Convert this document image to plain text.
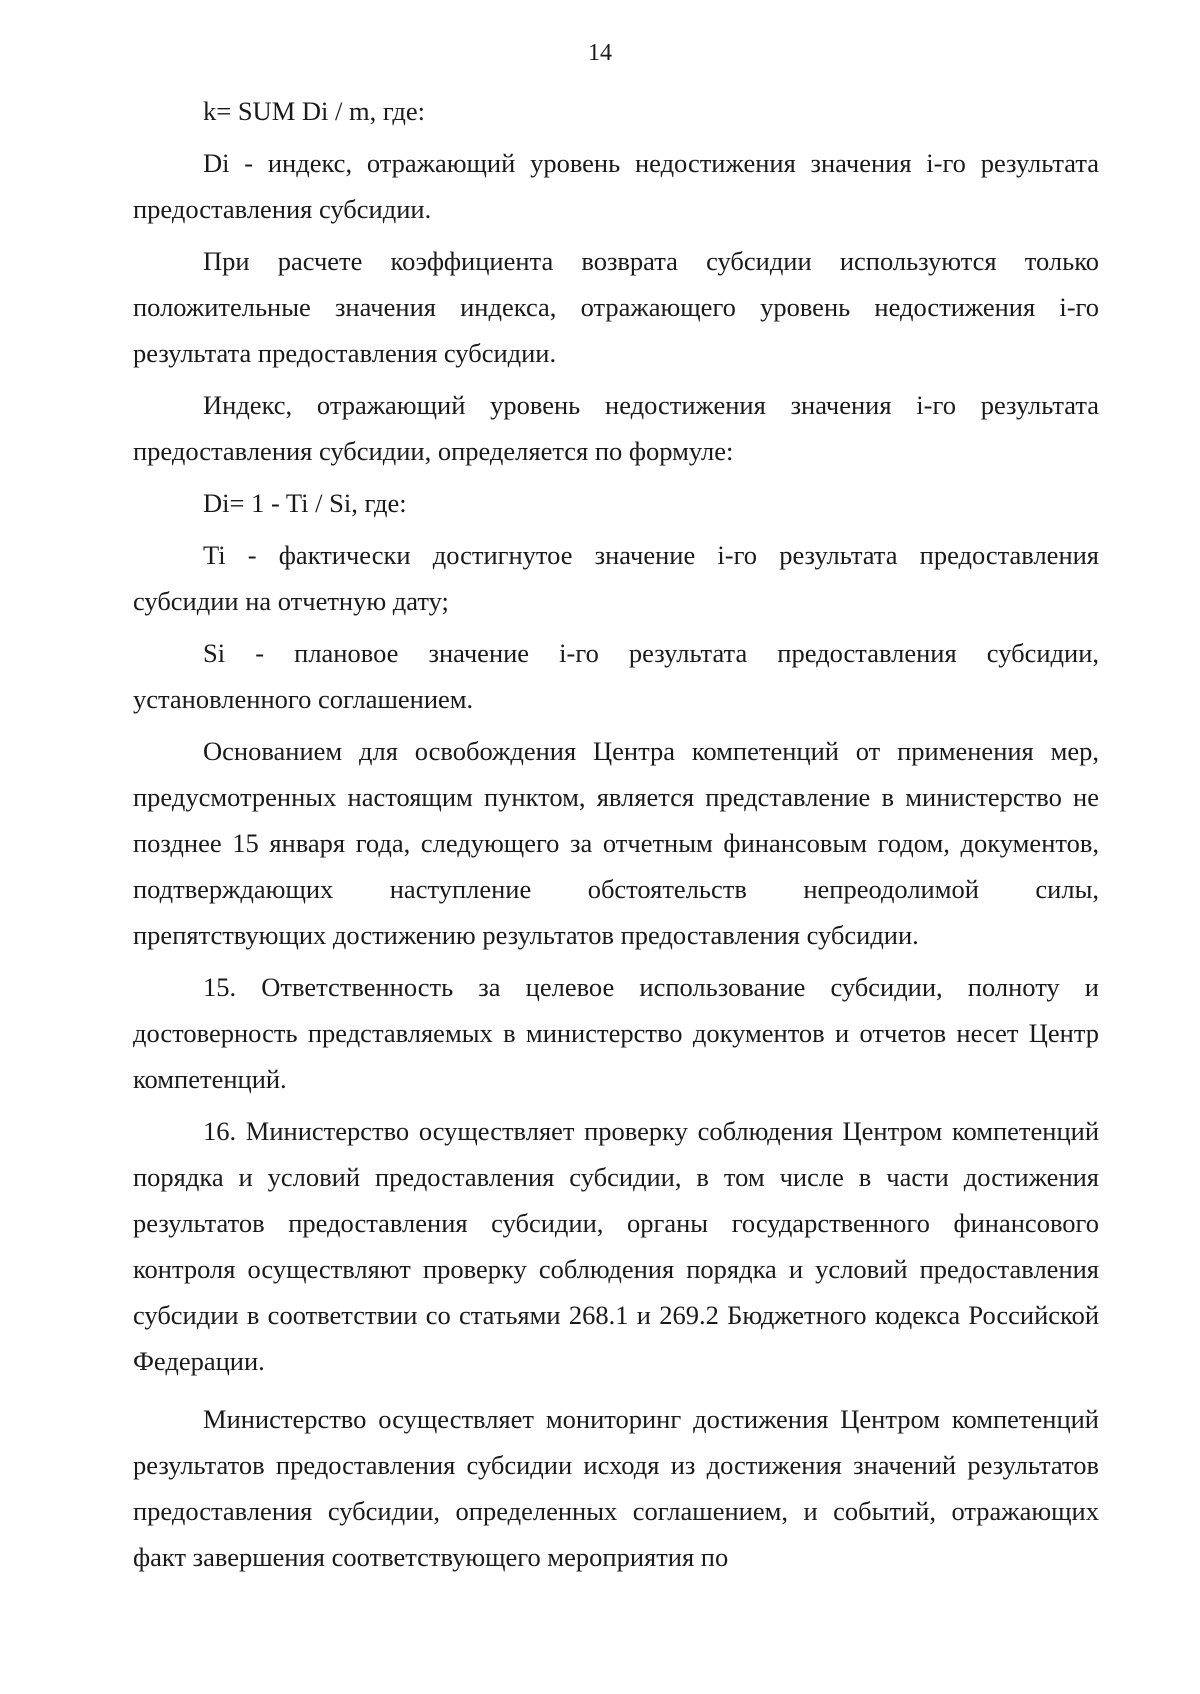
14

k= SUM Di / m, где:

Di - индекс, отражающий уровень недостижения значения i-го результата предоставления субсидии.

При расчете коэффициента возврата субсидии используются только положительные значения индекса, отражающего уровень недостижения i-го результата предоставления субсидии.

Индекс, отражающий уровень недостижения значения i-го результата предоставления субсидии, определяется по формуле:

Di= 1 - Ti / Si, где:

Ti - фактически достигнутое значение i-го результата предоставления субсидии на отчетную дату;

Si - плановое значение i-го результата предоставления субсидии, установленного соглашением.

Основанием для освобождения Центра компетенций от применения мер, предусмотренных настоящим пунктом, является представление в министерство не позднее 15 января года, следующего за отчетным финансовым годом, документов, подтверждающих наступление обстоятельств непреодолимой силы, препятствующих достижению результатов предоставления субсидии.

15. Ответственность за целевое использование субсидии, полноту и достоверность представляемых в министерство документов и отчетов несет Центр компетенций.

16. Министерство осуществляет проверку соблюдения Центром компетенций порядка и условий предоставления субсидии, в том числе в части достижения результатов предоставления субсидии, органы государственного финансового контроля осуществляют проверку соблюдения порядка и условий предоставления субсидии в соответствии со статьями 268.1 и 269.2 Бюджетного кодекса Российской Федерации.

Министерство осуществляет мониторинг достижения Центром компетенций результатов предоставления субсидии исходя из достижения значений результатов предоставления субсидии, определенных соглашением, и событий, отражающих факт завершения соответствующего мероприятия по
